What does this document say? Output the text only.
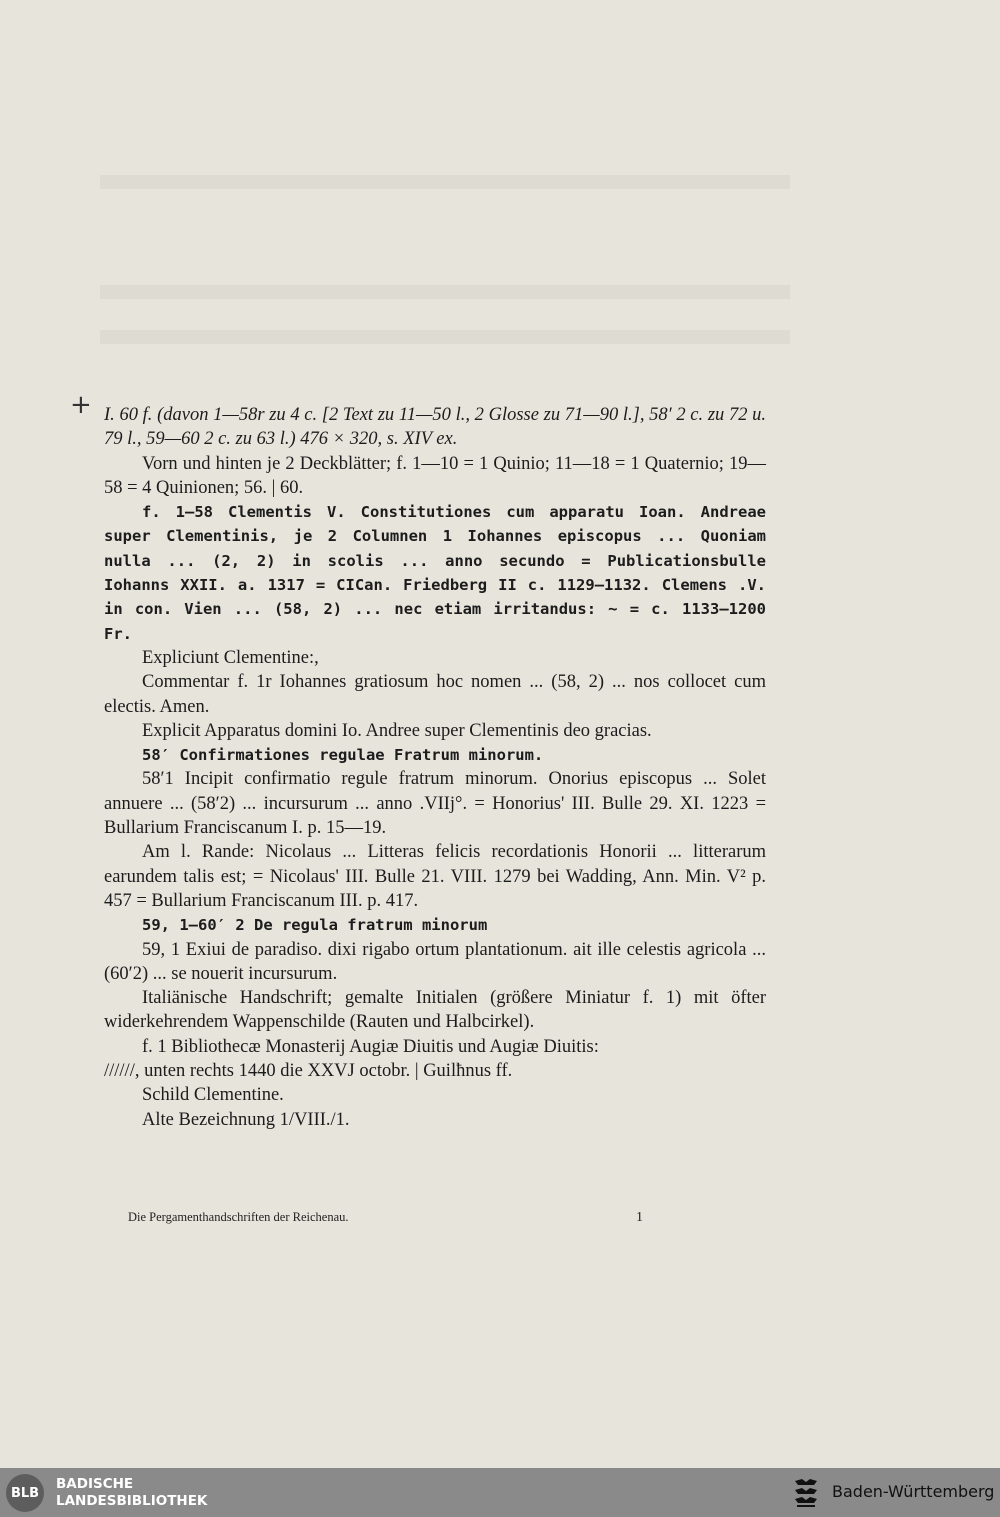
+ I. 60 f. (davon 1—58r zu 4 c. [2 Text zu 11—50 l., 2 Glosse zu 71—90 l.], 58′ 2 c. zu 72 u. 79 l., 59—60 2 c. zu 63 l.) 476 × 320, s. XIV ex.

Vorn und hinten je 2 Deckblätter; f. 1—10 = 1 Quinio; 11—18 = 1 Quaternio; 19—58 = 4 Quinionen; 56. | 60.

f. 1—58 Clementis V. Constitutiones cum apparatu Ioan. Andreae super Clementinis, je 2 Columnen 1 Iohannes episcopus ... Quoniam nulla ... (2, 2) in scolis ... anno secundo = Publicationsbulle Iohanns XXII. a. 1317 = CICan. Friedberg II c. 1129—1132. Clemens .V. in con. Vien ... (58, 2) ... nec etiam irritandus: ∼ = c. 1133—1200 Fr.

Expliciunt Clementine:,

Commentar f. 1r Iohannes gratiosum hoc nomen ... (58, 2) ... nos collocet cum electis. Amen.

Explicit Apparatus domini Io. Andree super Clementinis deo gracias.

58′ Confirmationes regulae Fratrum minorum.

58′1 Incipit confirmatio regule fratrum minorum. Onorius episcopus ... Solet annuere ... (58′2) ... incursurum ... anno .VIIj°. = Honorius' III. Bulle 29. XI. 1223 = Bullarium Franciscanum I. p. 15—19.

Am l. Rande: Nicolaus ... Litteras felicis recordationis Honorii ... litterarum earundem talis est; = Nicolaus' III. Bulle 21. VIII. 1279 bei Wadding, Ann. Min. V² p. 457 = Bullarium Franciscanum III. p. 417.

59, 1—60′ 2 De regula fratrum minorum

59, 1 Exiui de paradiso. dixi rigabo ortum plantationum. ait ille celestis agricola ... (60′2) ... se nouerit incursurum.

Italiänische Handschrift; gemalte Initialen (größere Miniatur f. 1) mit öfter widerkehrendem Wappenschilde (Rauten und Halbcirkel).

f. 1 Bibliothecæ Monasterij Augiæ Diuitis und Augiæ Diuitis:

//////, unten rechts 1440 die XXVJ octobr. | Guilħnus ff.

Schild Clementine.

Alte Bezeichnung 1/VIII./1.

Die Pergamenthandschriften der Reichenau.	1
BLB
BADISCHE
LANDESBIBLIOTHEK	Baden-Württemberg
